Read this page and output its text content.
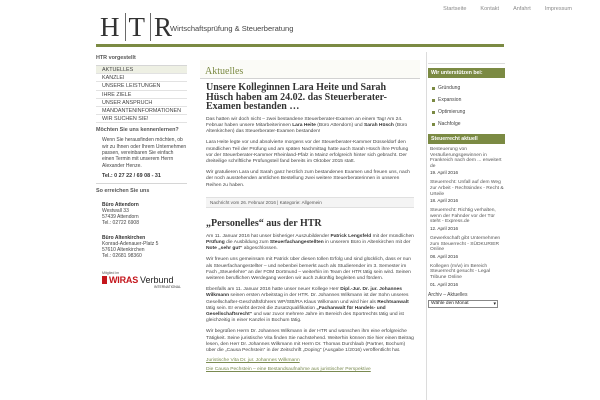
H T R
Wirtschaftsprüfung & Steuerberatung
Startseite	Kontakt	Anfahrt	Impressum
HTR vorgestellt
AKTUELLES
KANZLEI
UNSERE LEISTUNGEN
IHRE ZIELE
UNSER ANSPRUCH
MANDANTENINFORMATIONEN
WIR SUCHEN SIE!
Möchten Sie uns kennenlernen?
Wenn Sie herausfinden möchten, ob wir zu Ihnen oder Ihrem Unternehmen passen, vereinbaren Sie einfach einen Termin mit unserem Herrn Alexander Henze.
Tel.: 0 27 22 / 69 08 - 31
So erreichen Sie uns
Büro Attendorn
Westwall 33
57439 Attendorn
Tel.: 02722 6908
Büro Altenkirchen
Konrad-Adenauer-Platz 5
57610 Altenkirchen
Tel.: 02681 98360
Mitglied im
WIRAS Verbund
INTERNATIONAL
Aktuelles
Unsere Kolleginnen Lara Heite und Sarah Hüsch haben am 24.02. das Steuerberater-Examen bestanden …

Das hatten wir doch nicht – zwei bestandene Steuerberater-Examen an einem Tag! Am 24. Februar haben unsere Mitarbeiterinnen Lara Heite (Büro Attendorn) und Sarah Hüsch (Büro Altenkirchen) das Steuerberater-Examen bestanden!

Lara Heite legte vor und absolvierte morgens vor der Steuerberater-Kammer Düsseldorf den mündlichen Teil der Prüfung und am späten Nachmittag hatte auch Sarah Hüsch ihre Prüfung vor der Steuerberater-Kammer Rheinland-Pfalz in Mainz erfolgreich hinter sich gebracht. Der dreiteilige schriftliche Prüfungsteil fand bereits im Oktober 2015 statt.

Wir gratulieren Lara und Sarah ganz herzlich zum bestandenen Examen und freuen uns, nach der noch ausstehenden amtlichen Bestellung zwei weitere Steuerberaterinnen in unseren Reihen zu haben.

Nachricht vom 26. Februar 2016 | Kategorie: Allgemein
„Personelles“ aus der HTR

Am 11. Januar 2016 hat unser bisheriger Auszubildender Patrick Lengsfeld mit der mündlichen Prüfung die Ausbildung zum Steuerfachangestellten in unserem Büro in Altenkirchen mit der Note „sehr gut“ abgeschlossen.

Wir freuen uns gemeinsam mit Patrick über diesen tollen Erfolg und sind glücklich, dass er nun als Steuerfachangestellter – und nebenbei bemerkt auch als Studierender im 3. Semester im Fach „Steuerlehre“ an der FOM Dortmund – weiterhin im Team der HTR tätig sein wird. Seinen weiteren beruflichen Werdegang werden wir auch zukünftig begleiten und fördern.

Ebenfalls am 11. Januar 2016 hatte unser neuer Kollege Herr Dipl.-Jur. Dr. jur. Johannes Wilkmann seinen ersten Arbeitstag in der HTR. Dr. Johannes Wilkmann ist der Sohn unseres Gesellschafter-Geschäftsführers WP/StB/RA Klaus Wilkmann und wird hier als Rechtsanwalt tätig sein. Er erwirbt derzeit die Zusatzqualifikation „Fachanwalt für Handels- und Gesellschaftsrecht“ und war zuvor mehrere Jahre im Bereich des Sportrechts tätig und ist gleichzeitig in einer Kanzlei in Bochum tätig.

Wir begrüßen Herrn Dr. Johannes Wilkmann in der HTR und wünschen ihm eine erfolgreiche Tätigkeit. Seine juristische Vita finden Sie nachstehend. Weiterhin können Sie hier einen Beitrag lesen, den Herr Dr. Johannes Wilkmann mit Herrn Dr. Thomas Durchlaub (Partner, Bochum) über die „Causa Pechstein“ in der Zeitschrift „Doping“ (Ausgabe 1/2016) veröffentlicht hat.

Juristische Vita Dr. jur. Johannes Wilkmann
Die Causa Pechstein – eine Bestandsaufnahme aus juristischer Perspektive
Wir unterstützen bei:
Gründung
Expansion
Optimierung
Nachfolge
Steuerrecht aktuell
Besteuerung von Veräußerungsgewinnen in Frankreich nach dem ... erweitert de
19. April 2016
Steuerrecht: Unfall auf dem Weg zur Arbeit - Rechtsindex - Recht & Urteile
18. April 2016
Steuerrecht: Richtig verhalten, wenn der Fahnder vor der Tür steht - Express.de
12. April 2016
Gewerkschaft gibt Unternehmen zum Steuerrecht - SÜDKURIER Online
08. April 2016
Kollegen (m/w) im Bereich Steuerrecht gesucht - Legal Tribune Online
01. April 2016
Archiv – Aktuelles
Wähle den Monat	▾
